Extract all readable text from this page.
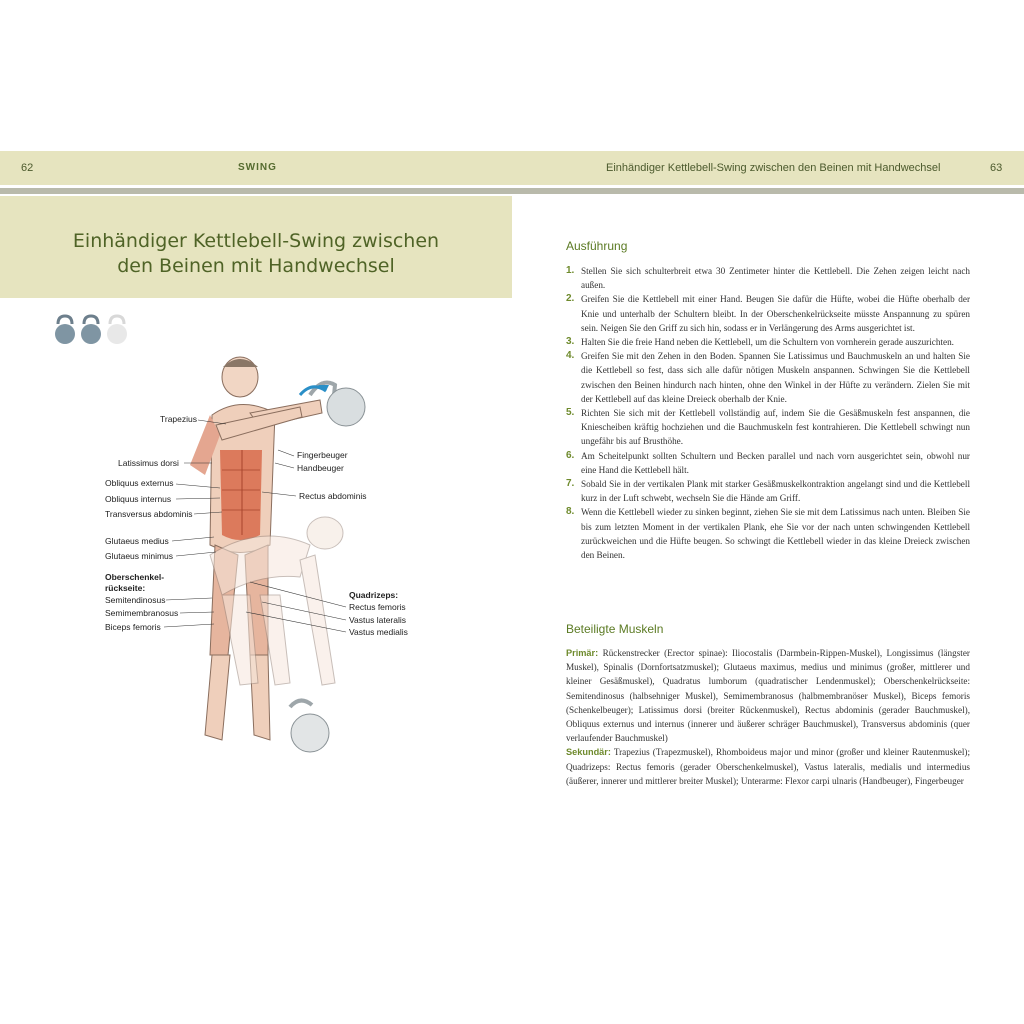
62	SWING	Einhändiger Kettlebell-Swing zwischen den Beinen mit Handwechsel	63
Einhändiger Kettlebell-Swing zwischen
den Beinen mit Handwechsel
Trapezius
Fingerbeuger
Handbeuger
Latissimus dorsi
Obliquus externus
Obliquus internus	Rectus abdominis
Transversus abdominis
Glutaeus medius
Glutaeus minimus
Oberschenkel-
rückseite:
Semitendinosus
Semimembranosus
Biceps femoris
Quadrizeps:
Rectus femoris
Vastus lateralis
Vastus medialis
Ausführung
1. Stellen Sie sich schulterbreit etwa 30 Zentimeter hinter die Kettlebell. Die Zehen zeigen leicht nach außen.
2. Greifen Sie die Kettlebell mit einer Hand. Beugen Sie dafür die Hüfte, wobei die Hüfte oberhalb der Knie und unterhalb der Schultern bleibt. In der Oberschenkelrückseite müsste Anspannung zu spüren sein. Neigen Sie den Griff zu sich hin, sodass er in Verlängerung des Arms ausgerichtet ist.
3. Halten Sie die freie Hand neben die Kettlebell, um die Schultern von vornherein gerade auszurichten.
4. Greifen Sie mit den Zehen in den Boden. Spannen Sie Latissimus und Bauchmuskeln an und halten Sie die Kettlebell so fest, dass sich alle dafür nötigen Muskeln anspannen. Schwingen Sie die Kettlebell zwischen den Beinen hindurch nach hinten, ohne den Winkel in der Hüfte zu verändern. Zielen Sie mit der Kettlebell auf das kleine Dreieck oberhalb der Knie.
5. Richten Sie sich mit der Kettlebell vollständig auf, indem Sie die Gesäßmuskeln fest anspannen, die Kniescheiben kräftig hochziehen und die Bauchmuskeln fest kontrahieren. Die Kettlebell schwingt nun ungefähr bis auf Brusthöhe.
6. Am Scheitelpunkt sollten Schultern und Becken parallel und nach vorn ausgerichtet sein, obwohl nur eine Hand die Kettlebell hält.
7. Sobald Sie in der vertikalen Plank mit starker Gesäßmuskelkontraktion angelangt sind und die Kettlebell kurz in der Luft schwebt, wechseln Sie die Hände am Griff.
8. Wenn die Kettlebell wieder zu sinken beginnt, ziehen Sie sie mit dem Latissimus nach unten. Bleiben Sie bis zum letzten Moment in der vertikalen Plank, ehe Sie vor der nach unten schwingenden Kettlebell zurückweichen und die Hüfte beugen. So schwingt die Kettlebell wieder in das kleine Dreieck zwischen den Beinen.
Beteiligte Muskeln

Primär: Rückenstrecker (Erector spinae): Iliocostalis (Darmbein-Rippen-Muskel), Longissimus (längster Muskel), Spinalis (Dornfortsatzmuskel); Glutaeus maximus, medius und minimus (großer, mittlerer und kleiner Gesäßmuskel), Quadratus lumborum (quadratischer Lendenmuskel); Oberschenkelrückseite: Semitendinosus (halbsehniger Muskel), Semimembranosus (halbmembranöser Muskel), Biceps femoris (Schenkelbeuger); Latissimus dorsi (breiter Rückenmuskel), Rectus abdominis (gerader Bauchmuskel), Obliquus externus und internus (innerer und äußerer schräger Bauchmuskel), Transversus abdominis (quer verlaufender Bauchmuskel)

Sekundär: Trapezius (Trapezmuskel), Rhomboideus major und minor (großer und kleiner Rautenmuskel); Quadrizeps: Rectus femoris (gerader Oberschenkelmuskel), Vastus lateralis, medialis und intermedius (äußerer, innerer und mittlerer breiter Muskel); Unterarme: Flexor carpi ulnaris (Handbeuger), Fingerbeuger
